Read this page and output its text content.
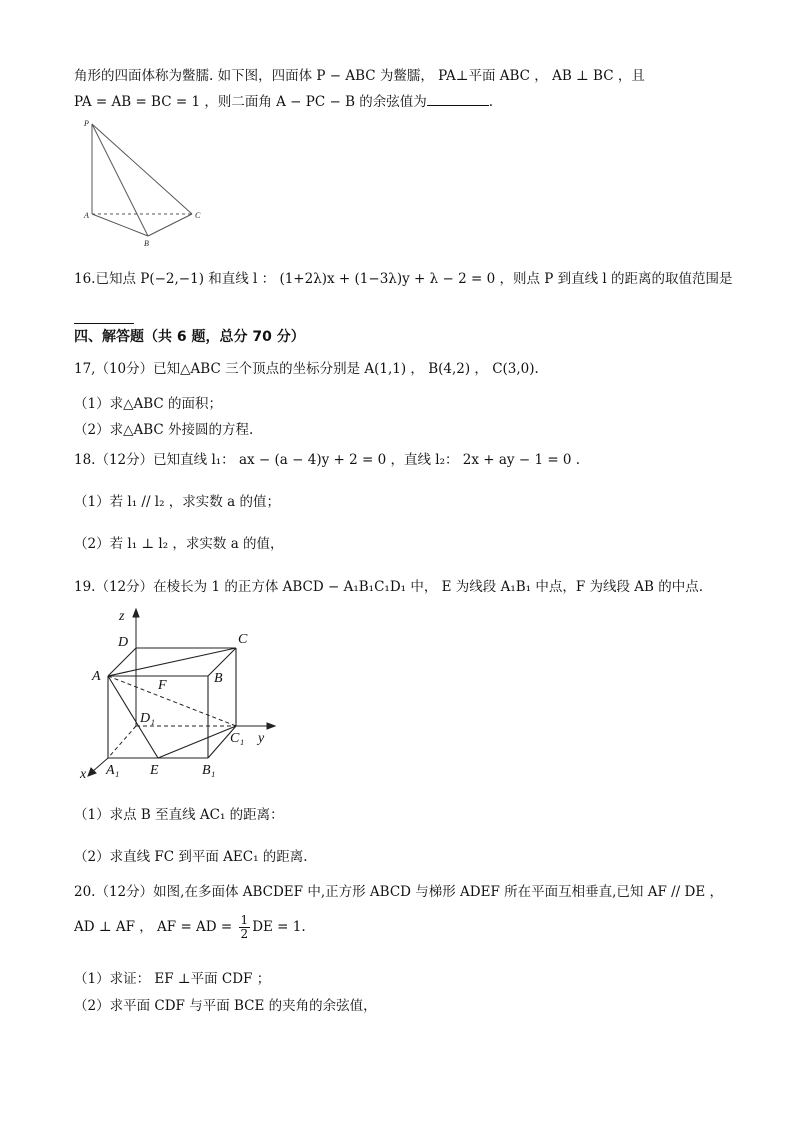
角形的四面体称为鳖臑. 如下图，四面体 P − ABC 为鳖臑， PA⊥平面 ABC ， AB ⊥ BC ，且
PA = AB = BC = 1 ，则二面角 A − PC − B 的余弦值为	.
P
A
B
C
16.已知点 P(−2,−1) 和直线 l ： (1+2λ)x + (1−3λ)y + λ − 2 = 0 ，则点 P 到直线 l 的距离的取值范围是
四、解答题（共 6 题，总分 70 分）
17,（10分）已知△ABC 三个顶点的坐标分别是 A(1,1) ， B(4,2) ， C(3,0).
（1）求△ABC 的面积；
（2）求△ABC 外接圆的方程.
18.（12分）已知直线 l₁： ax − (a − 4)y + 2 = 0 ，直线 l₂： 2x + ay − 1 = 0 .
（1）若 l₁ // l₂ ，求实数 a 的值；
（2）若 l₁ ⊥ l₂ ，求实数 a 的值，
19.（12分）在棱长为 1 的正方体 ABCD − A₁B₁C₁D₁ 中， E 为线段 A₁B₁ 中点，F 为线段 AB 的中点.
z
D	C
A
F	B
D₁
C₁ y
x A₁ E	B₁
（1）求点 B 至直线 AC₁ 的距离：
（2）求直线 FC 到平面 AEC₁ 的距离.
20.（12分）如图,在多面体 ABCDEF 中,正方形 ABCD 与梯形 ADEF 所在平面互相垂直,已知 AF // DE ，
AD ⊥ AF ， AF = AD = $\frac{1}{2}$ DE = 1.
（1）求证： EF ⊥平面 CDF ；
（2）求平面 CDF 与平面 BCE 的夹角的余弦值，
